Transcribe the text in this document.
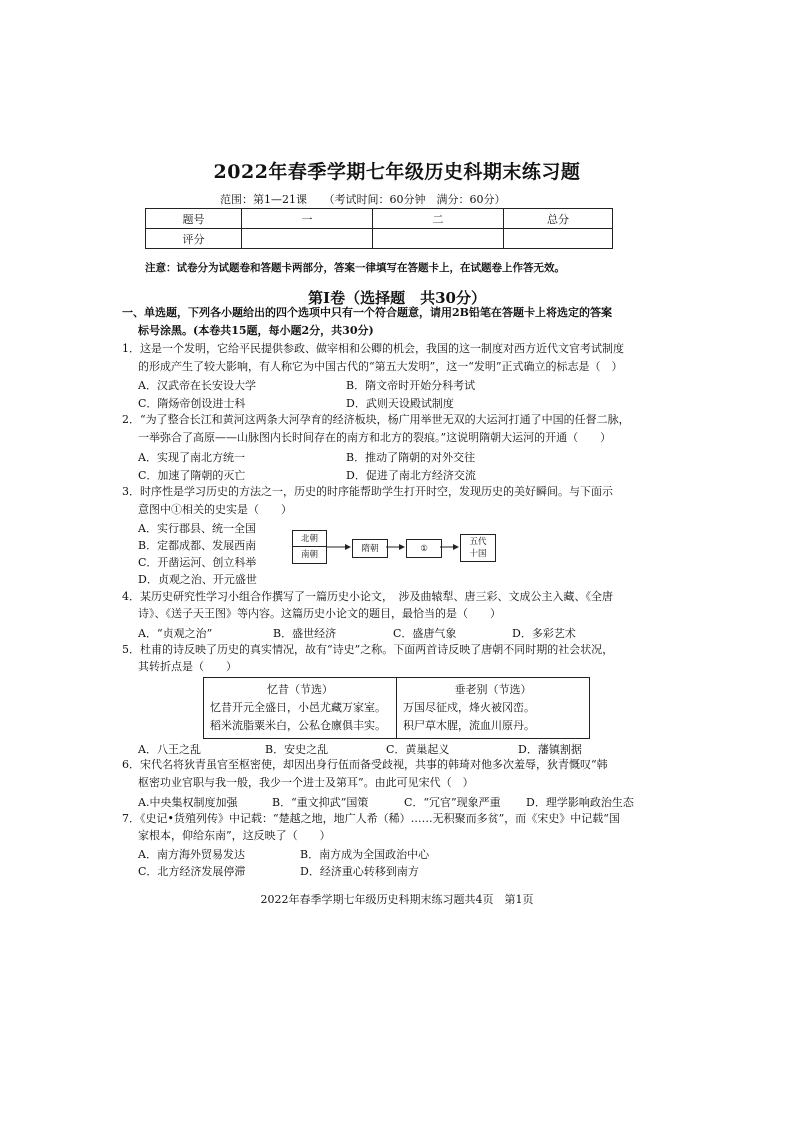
2022年春季学期七年级历史科期末练习题
范围：第1—21课　　（考试时间：60分钟　满分：60分）
题号	一	二	总分
评分			
注意：试卷分为试题卷和答题卡两部分，答案一律填写在答题卡上，在试题卷上作答无效。
第Ⅰ卷（选择题　共30分）
一、单选题，下列各小题给出的四个选项中只有一个符合题意，请用2B铅笔在答题卡上将选定的答案
标号涂黑。(本卷共15题，每小题2分，共30分)
1．这是一个发明，它给平民提供参政、做宰相和公卿的机会，我国的这一制度对西方近代文官考试制度
的形成产生了较大影响，有人称它为中国古代的“第五大发明”，这一“发明”正式确立的标志是（　）
A．汉武帝在长安设大学	B．隋文帝时开始分科考试
C．隋炀帝创设进士科	D．武则天设殿试制度
2．“为了整合长江和黄河这两条大河孕育的经济板块，杨广用举世无双的大运河打通了中国的任督二脉，
一举弥合了高原——山脉图内长时间存在的南方和北方的裂痕。”这说明隋朝大运河的开通（　　）
A．实现了南北方统一	B．推动了隋朝的对外交往
C．加速了隋朝的灭亡	D．促进了南北方经济交流
3．时序性是学习历史的方法之一，历史的时序能帮助学生打开时空，发现历史的美好瞬间。与下面示
意图中①相关的史实是（　　）
A．实行郡县、统一全国
B．定都成都、发展西南
C．开凿运河、创立科举
D．贞观之治、开元盛世
北朝
南朝
隋朝	①
五代
十国
4．某历史研究性学习小组合作撰写了一篇历史小论文，　涉及曲辕犁、唐三彩、文成公主入藏、《全唐
诗》、《送子天王图》等内容。这篇历史小论文的题目，最恰当的是（　　）
A．“贞观之治”	B．盛世经济	C．盛唐气象	D．多彩艺术
5．杜甫的诗反映了历史的真实情况，故有“诗史”之称。下面两首诗反映了唐朝不同时期的社会状况，
其转折点是（　　）
忆昔（节选）
忆昔开元全盛日，小邑尤藏万家室。
稻米流脂粟米白，公私仓廪俱丰实。

垂老别（节选）
万国尽征戍，烽火被冈峦。
积尸草木腥，流血川原丹。
A．八王之乱	B．安史之乱	C．黄巢起义	D．藩镇割据
6．宋代名将狄青虽官至枢密使，却因出身行伍而备受歧视，共事的韩琦对他多次羞辱，狄青慨叹“韩
枢密功业官职与我一般，我少一个进士及第耳”。由此可见宋代（　）
A.中央集权制度加强	B．“重文抑武”国策	C．“冗官”现象严重 D．理学影响政治生态
7．《史记•货殖列传》中记载：“楚越之地，地广人希（稀）……无积聚而多贫”，而《宋史》中记载“国
家根本，仰给东南”，这反映了（　　）
A．南方海外贸易发达	B．南方成为全国政治中心
C．北方经济发展停滞	D．经济重心转移到南方
2022年春季学期七年级历史科期末练习题共4页　第1页
